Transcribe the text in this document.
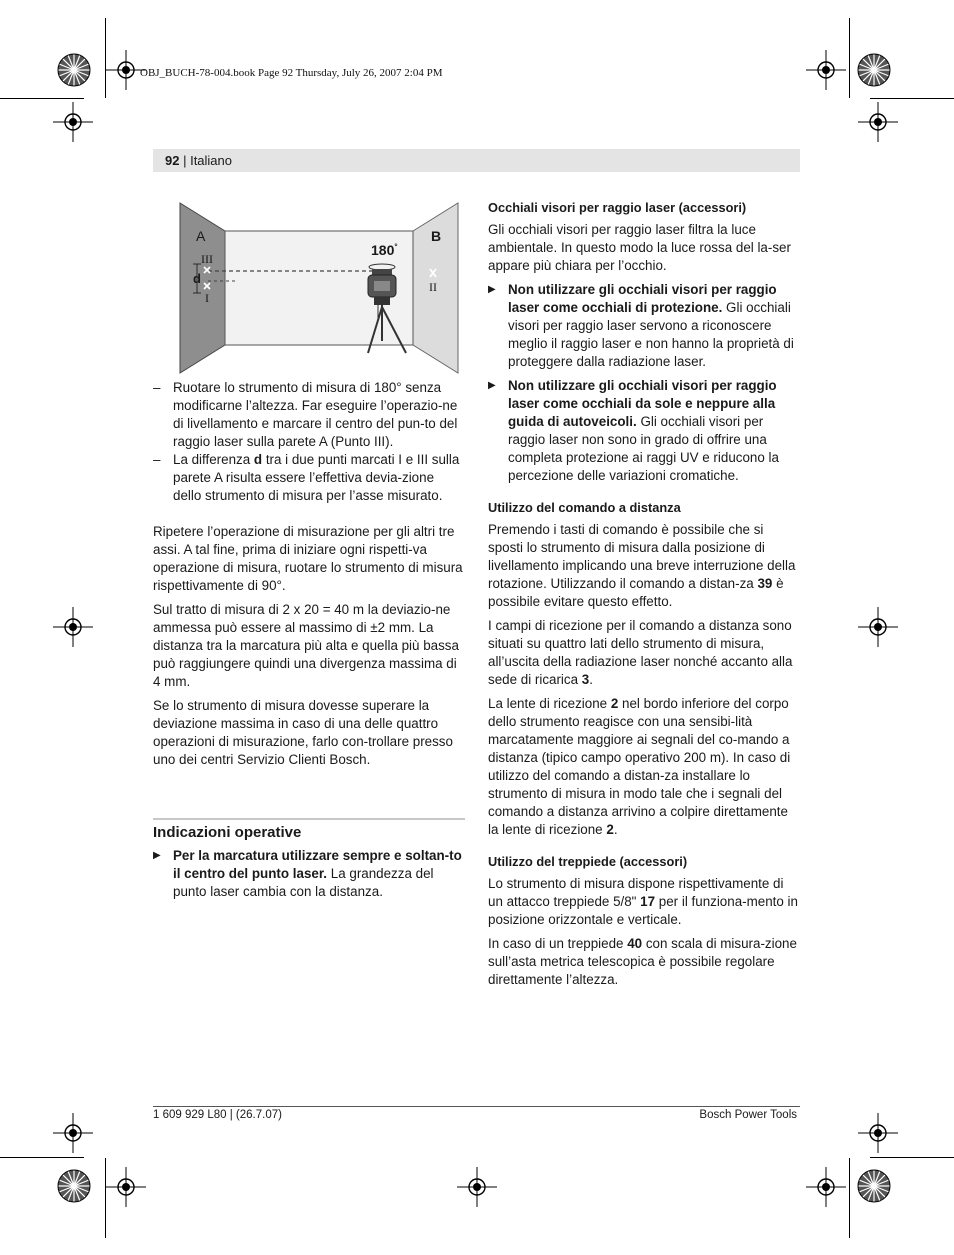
OBJ_BUCH-78-004.book Page 92 Thursday, July 26, 2007 2:04 PM
92 | Italiano
A	B
180°
III
d
I
II
– Ruotare lo strumento di misura di 180° senza modificarne l’altezza. Far eseguire l’operazio-ne di livellamento e marcare il centro del pun-to del raggio laser sulla parete A (Punto III).
– La differenza d tra i due punti marcati I e III sulla parete A risulta essere l’effettiva devia-zione dello strumento di misura per l’asse misurato.

Ripetere l’operazione di misurazione per gli altri tre assi. A tal fine, prima di iniziare ogni rispetti-va operazione di misura, ruotare lo strumento di misura rispettivamente di 90°.

Sul tratto di misura di 2 x 20 = 40 m la deviazio-ne ammessa può essere al massimo di ±2 mm. La distanza tra la marcatura più alta e quella più bassa può raggiungere quindi una divergenza massima di 4 mm.

Se lo strumento di misura dovesse superare la deviazione massima in caso di una delle quattro operazioni di misurazione, farlo con-trollare presso uno dei centri Servizio Clienti Bosch.

Indicazioni operative
▶ Per la marcatura utilizzare sempre e soltan-to il centro del punto laser. La grandezza del punto laser cambia con la distanza.

Occhiali visori per raggio laser (accessori)

Gli occhiali visori per raggio laser filtra la luce ambientale. In questo modo la luce rossa del la-ser appare più chiara per l’occhio.

▶ Non utilizzare gli occhiali visori per raggio laser come occhiali di protezione. Gli occhiali visori per raggio laser servono a riconoscere meglio il raggio laser e non hanno la proprietà di proteggere dalla radiazione laser.
▶ Non utilizzare gli occhiali visori per raggio laser come occhiali da sole e neppure alla guida di autoveicoli. Gli occhiali visori per raggio laser non sono in grado di offrire una completa protezione ai raggi UV e riducono la percezione delle variazioni cromatiche.

Utilizzo del comando a distanza

Premendo i tasti di comando è possibile che si sposti lo strumento di misura dalla posizione di livellamento implicando una breve interruzione della rotazione. Utilizzando il comando a distan-za 39 è possibile evitare questo effetto.

I campi di ricezione per il comando a distanza sono situati su quattro lati dello strumento di misura, all’uscita della radiazione laser nonché accanto alla sede di ricarica 3.

La lente di ricezione 2 nel bordo inferiore del corpo dello strumento reagisce con una sensibi-lità marcatamente maggiore ai segnali del co-mando a distanza (tipico campo operativo 200 m). In caso di utilizzo del comando a distan-za installare lo strumento di misura in modo tale che i segnali del comando a distanza arrivino a colpire direttamente la lente di ricezione 2.

Utilizzo del treppiede (accessori)

Lo strumento di misura dispone rispettivamente di un attacco treppiede 5/8" 17 per il funziona-mento in posizione orizzontale e verticale.

In caso di un treppiede 40 con scala di misura-zione sull’asta metrica telescopica è possibile regolare direttamente l’altezza.

1 609 929 L80 | (26.7.07)	Bosch Power Tools
